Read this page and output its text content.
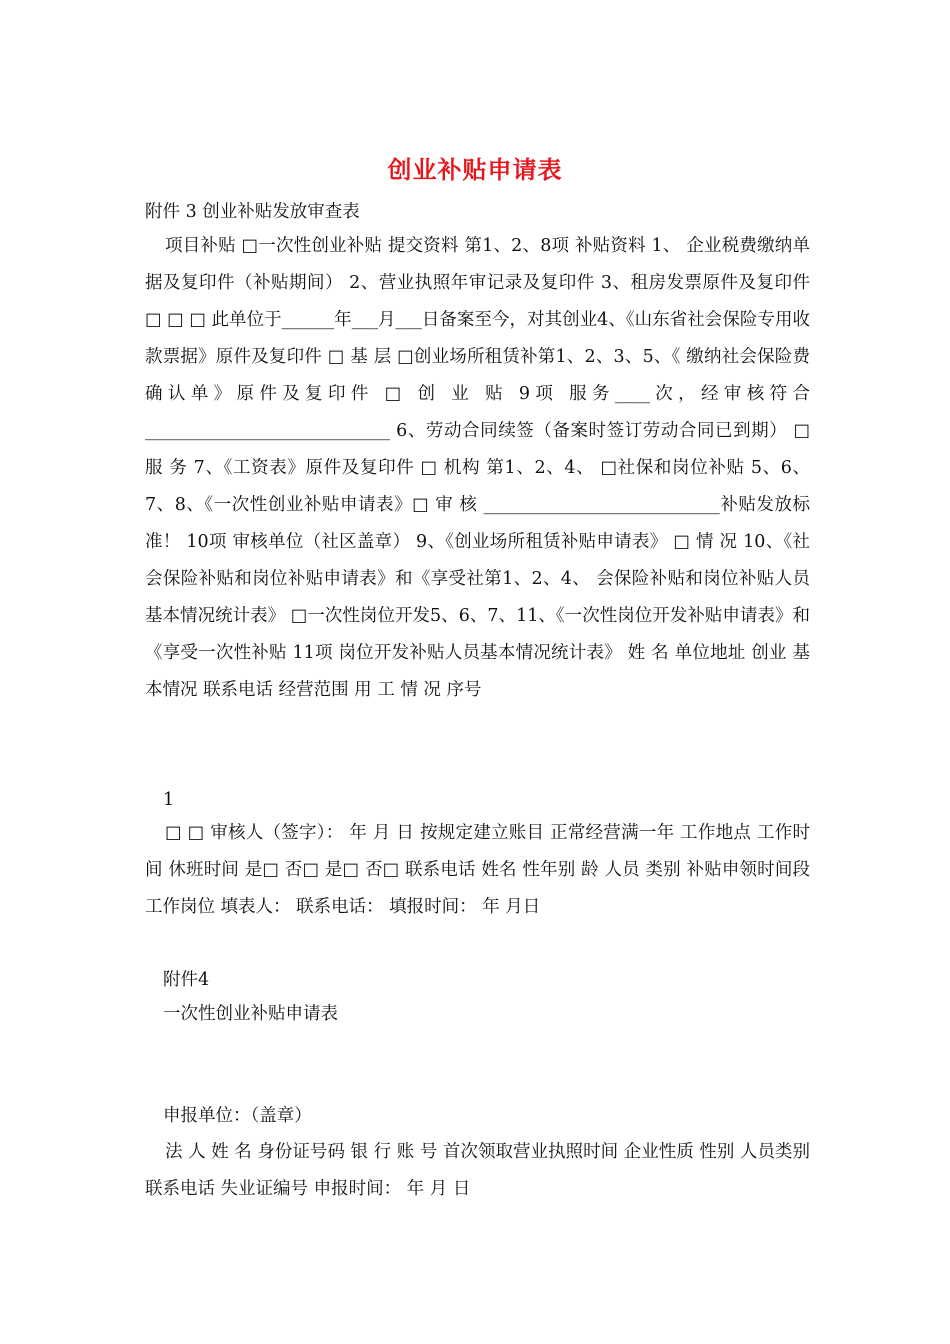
创业补贴申请表
附件 3 创业补贴发放审查表
项目补贴 □一次性创业补贴 提交资料 第1、2、8项 补贴资料 1、 企业税费缴纳单据及复印件（补贴期间） 2、营业执照年审记录及复印件 3、租房发票原件及复印件 □ □ □ 此单位于______年___月___日备案至今，对其创业4、《山东省社会保险专用收款票据》原件及复印件 □ 基 层 □创业场所租赁补第1、2、3、5、《 缴纳社会保险费确认单》原件及复印件 □ 创 业 贴 9项 服务____次，经审核符合____________________________ 6、劳动合同续签（备案时签订劳动合同已到期） □ 服 务 7、《工资表》原件及复印件 □ 机构 第1、2、4、 □社保和岗位补贴 5、6、7、8、《一次性创业补贴申请表》□ 审 核 ___________________________补贴发放标准！ 10项 审核单位（社区盖章） 9、《创业场所租赁补贴申请表》 □ 情 况 10、《社会保险补贴和岗位补贴申请表》和《享受社第1、2、4、 会保险补贴和岗位补贴人员基本情况统计表》 □一次性岗位开发5、6、7、11、《一次性岗位开发补贴申请表》和《享受一次性补贴 11项 岗位开发补贴人员基本情况统计表》 姓 名 单位地址 创业 基本情况 联系电话 经营范围 用 工 情 况 序号
1
□ □ 审核人（签字）： 年 月 日 按规定建立账目 正常经营满一年 工作地点 工作时间 休班时间 是□ 否□ 是□ 否□ 联系电话 姓名 性年别 龄 人员 类别 补贴申领时间段 工作岗位 填表人： 联系电话： 填报时间： 年 月日
附件4
一次性创业补贴申请表
申报单位：（盖章）
法 人 姓 名 身份证号码 银 行 账 号 首次领取营业执照时间 企业性质 性别 人员类别 联系电话 失业证编号 申报时间： 年 月 日
